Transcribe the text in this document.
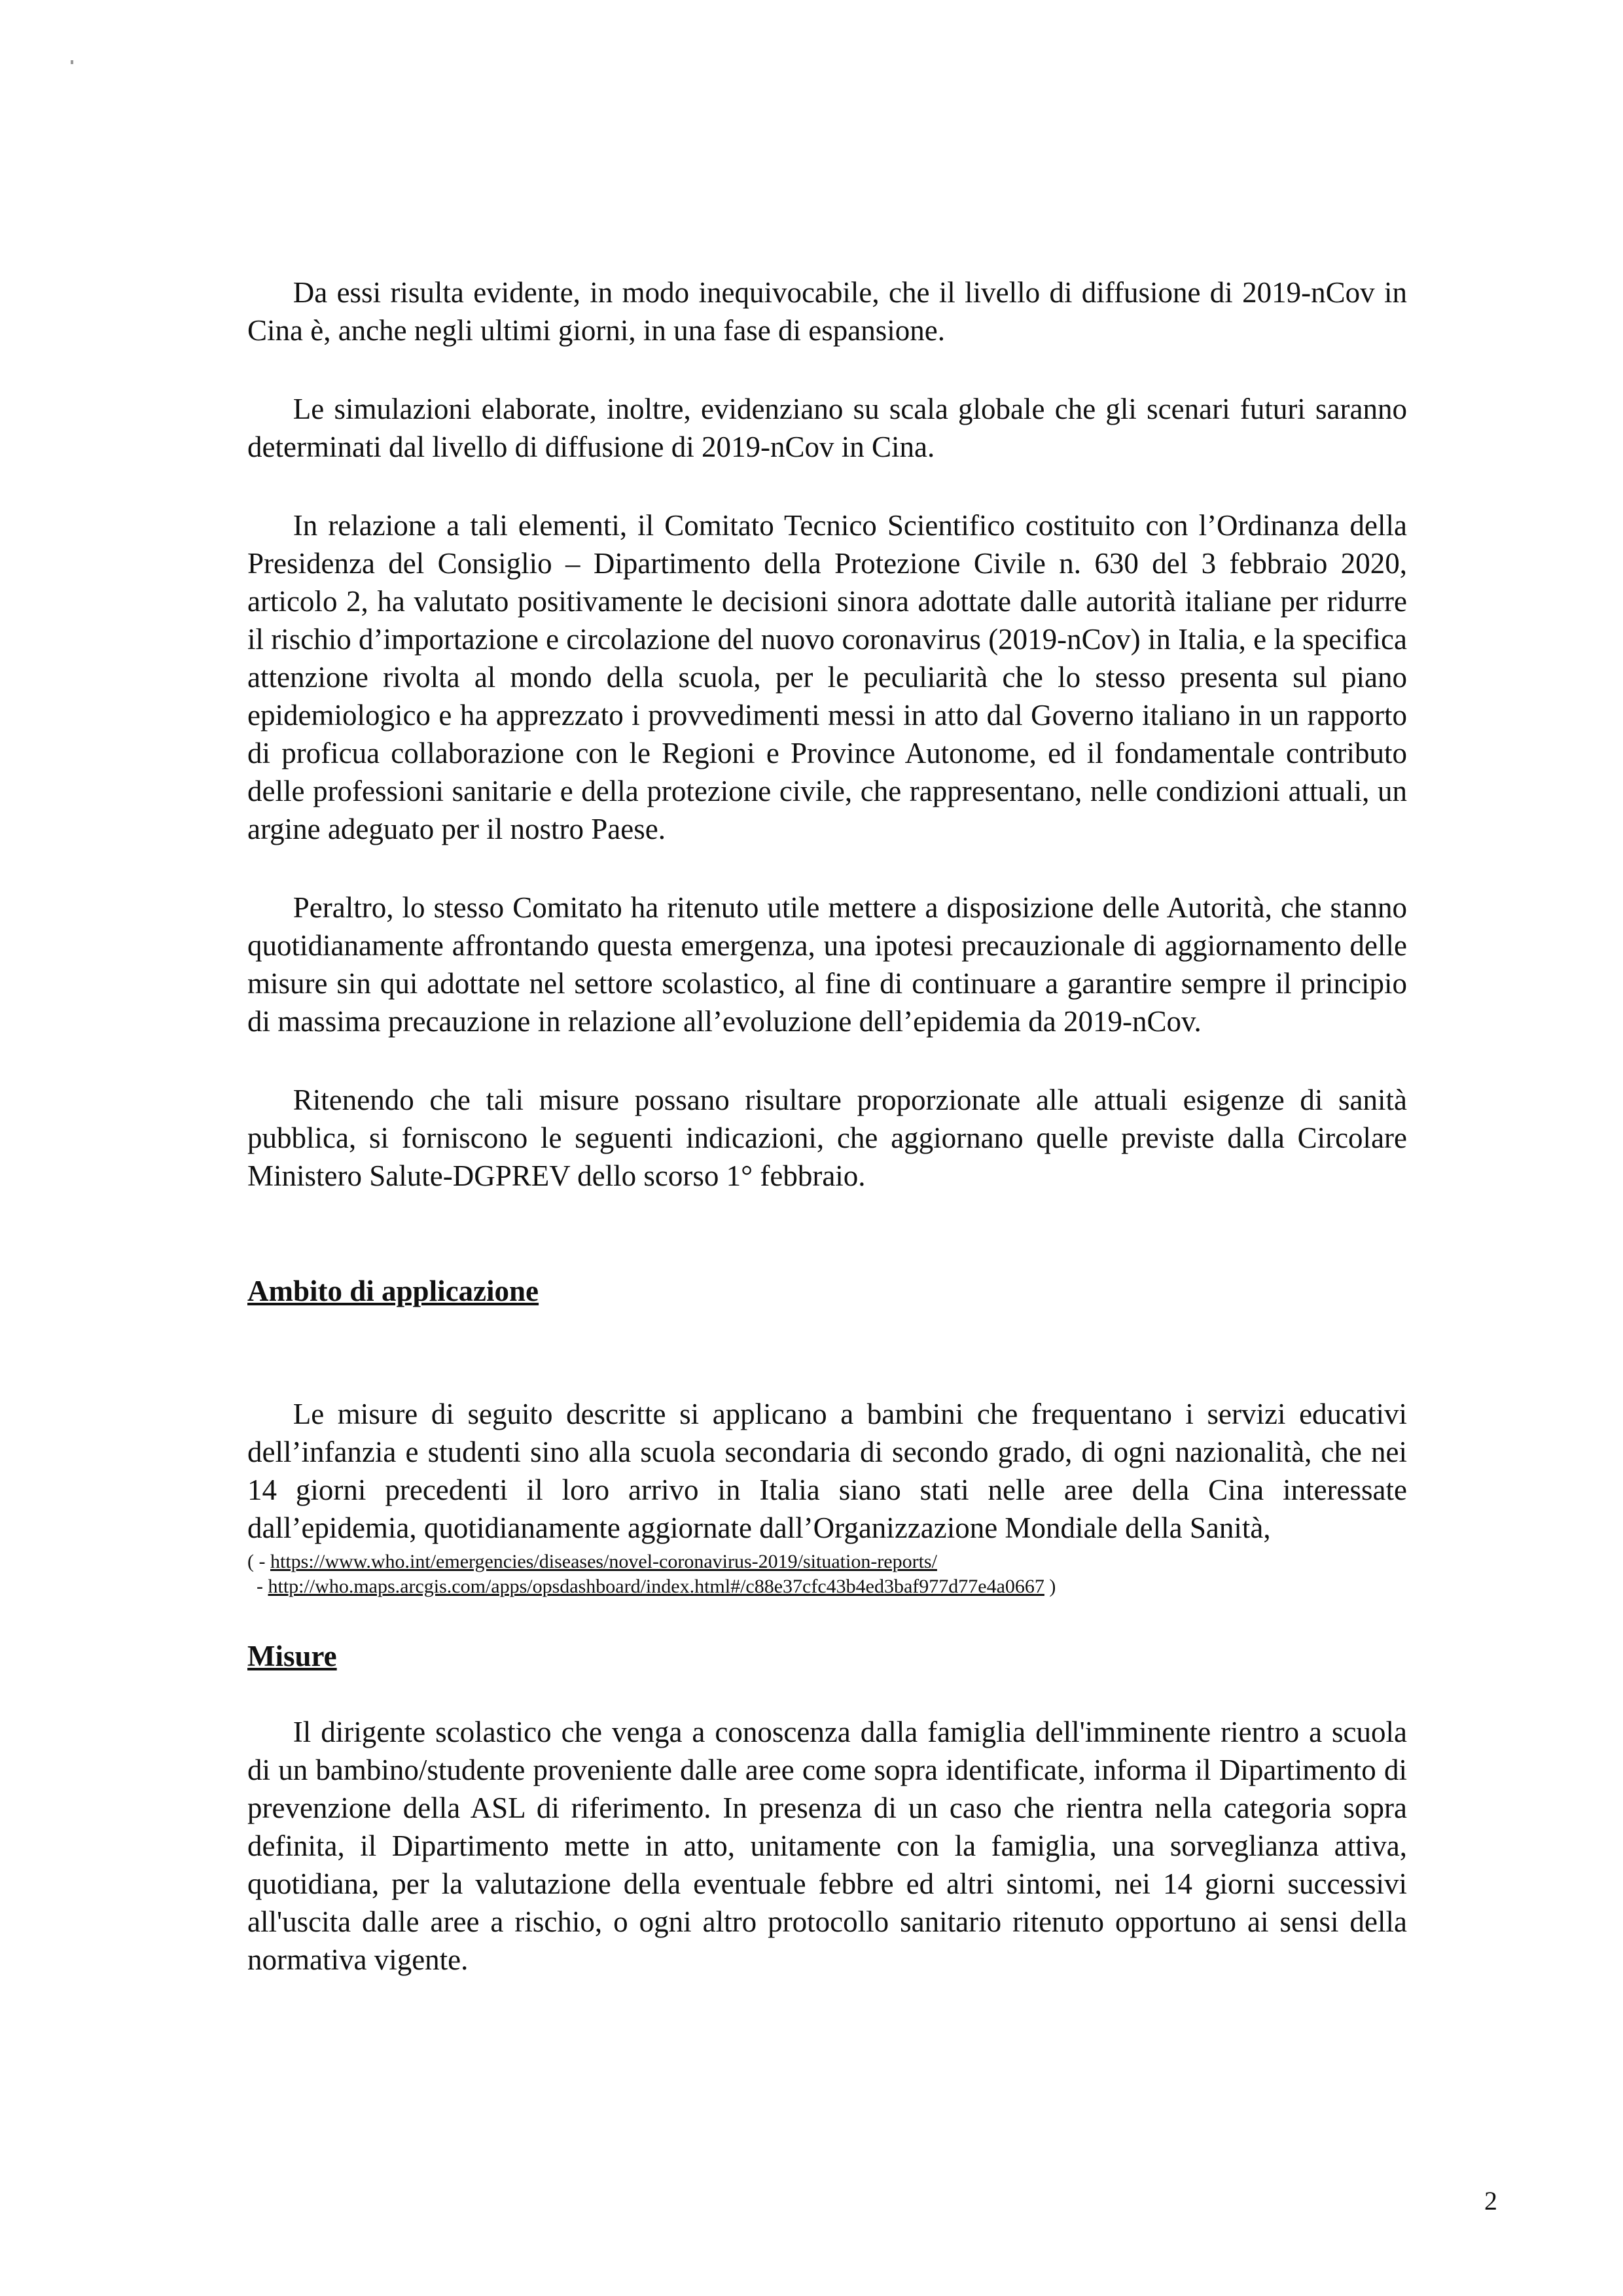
Da essi risulta evidente, in modo inequivocabile, che il livello di diffusione di 2019-nCov in Cina è, anche negli ultimi giorni, in una fase di espansione.

Le simulazioni elaborate, inoltre, evidenziano su scala globale che gli scenari futuri saranno determinati dal livello di diffusione di 2019-nCov in Cina.

In relazione a tali elementi, il Comitato Tecnico Scientifico costituito con l’Ordinanza della Presidenza del Consiglio – Dipartimento della Protezione Civile n. 630 del 3 febbraio 2020, articolo 2, ha valutato positivamente le decisioni sinora adottate dalle autorità italiane per ridurre il rischio d’importazione e circolazione del nuovo coronavirus (2019-nCov) in Italia, e la specifica attenzione rivolta al mondo della scuola, per le peculiarità che lo stesso presenta sul piano epidemiologico e ha apprezzato i provvedimenti messi in atto dal Governo italiano in un rapporto di proficua collaborazione con le Regioni e Province Autonome, ed il fondamentale contributo delle professioni sanitarie e della protezione civile, che rappresentano, nelle condizioni attuali, un argine adeguato per il nostro Paese.

Peraltro, lo stesso Comitato ha ritenuto utile mettere a disposizione delle Autorità, che stanno quotidianamente affrontando questa emergenza, una ipotesi precauzionale di aggiornamento delle misure sin qui adottate nel settore scolastico, al fine di continuare a garantire sempre il principio di massima precauzione in relazione all’evoluzione dell’epidemia da 2019-nCov.

Ritenendo che tali misure possano risultare proporzionate alle attuali esigenze di sanità pubblica, si forniscono le seguenti indicazioni, che aggiornano quelle previste dalla Circolare Ministero Salute-DGPREV dello scorso 1° febbraio.

Ambito di applicazione

Le misure di seguito descritte si applicano a bambini che frequentano i servizi educativi dell’infanzia e studenti sino alla scuola secondaria di secondo grado, di ogni nazionalità, che nei 14 giorni precedenti il loro arrivo in Italia siano stati nelle aree della Cina interessate dall’epidemia, quotidianamente aggiornate dall’Organizzazione Mondiale della Sanità,

( - https://www.who.int/emergencies/diseases/novel-coronavirus-2019/situation-reports/
- http://who.maps.arcgis.com/apps/opsdashboard/index.html#/c88e37cfc43b4ed3baf977d77e4a0667 )
Misure

Il dirigente scolastico che venga a conoscenza dalla famiglia dell'imminente rientro a scuola di un bambino/studente proveniente dalle aree come sopra identificate, informa il Dipartimento di prevenzione della ASL di riferimento. In presenza di un caso che rientra nella categoria sopra definita, il Dipartimento mette in atto, unitamente con la famiglia, una sorveglianza attiva, quotidiana, per la valutazione della eventuale febbre ed altri sintomi, nei 14 giorni successivi all'uscita dalle aree a rischio, o ogni altro protocollo sanitario ritenuto opportuno ai sensi della normativa vigente.

2
